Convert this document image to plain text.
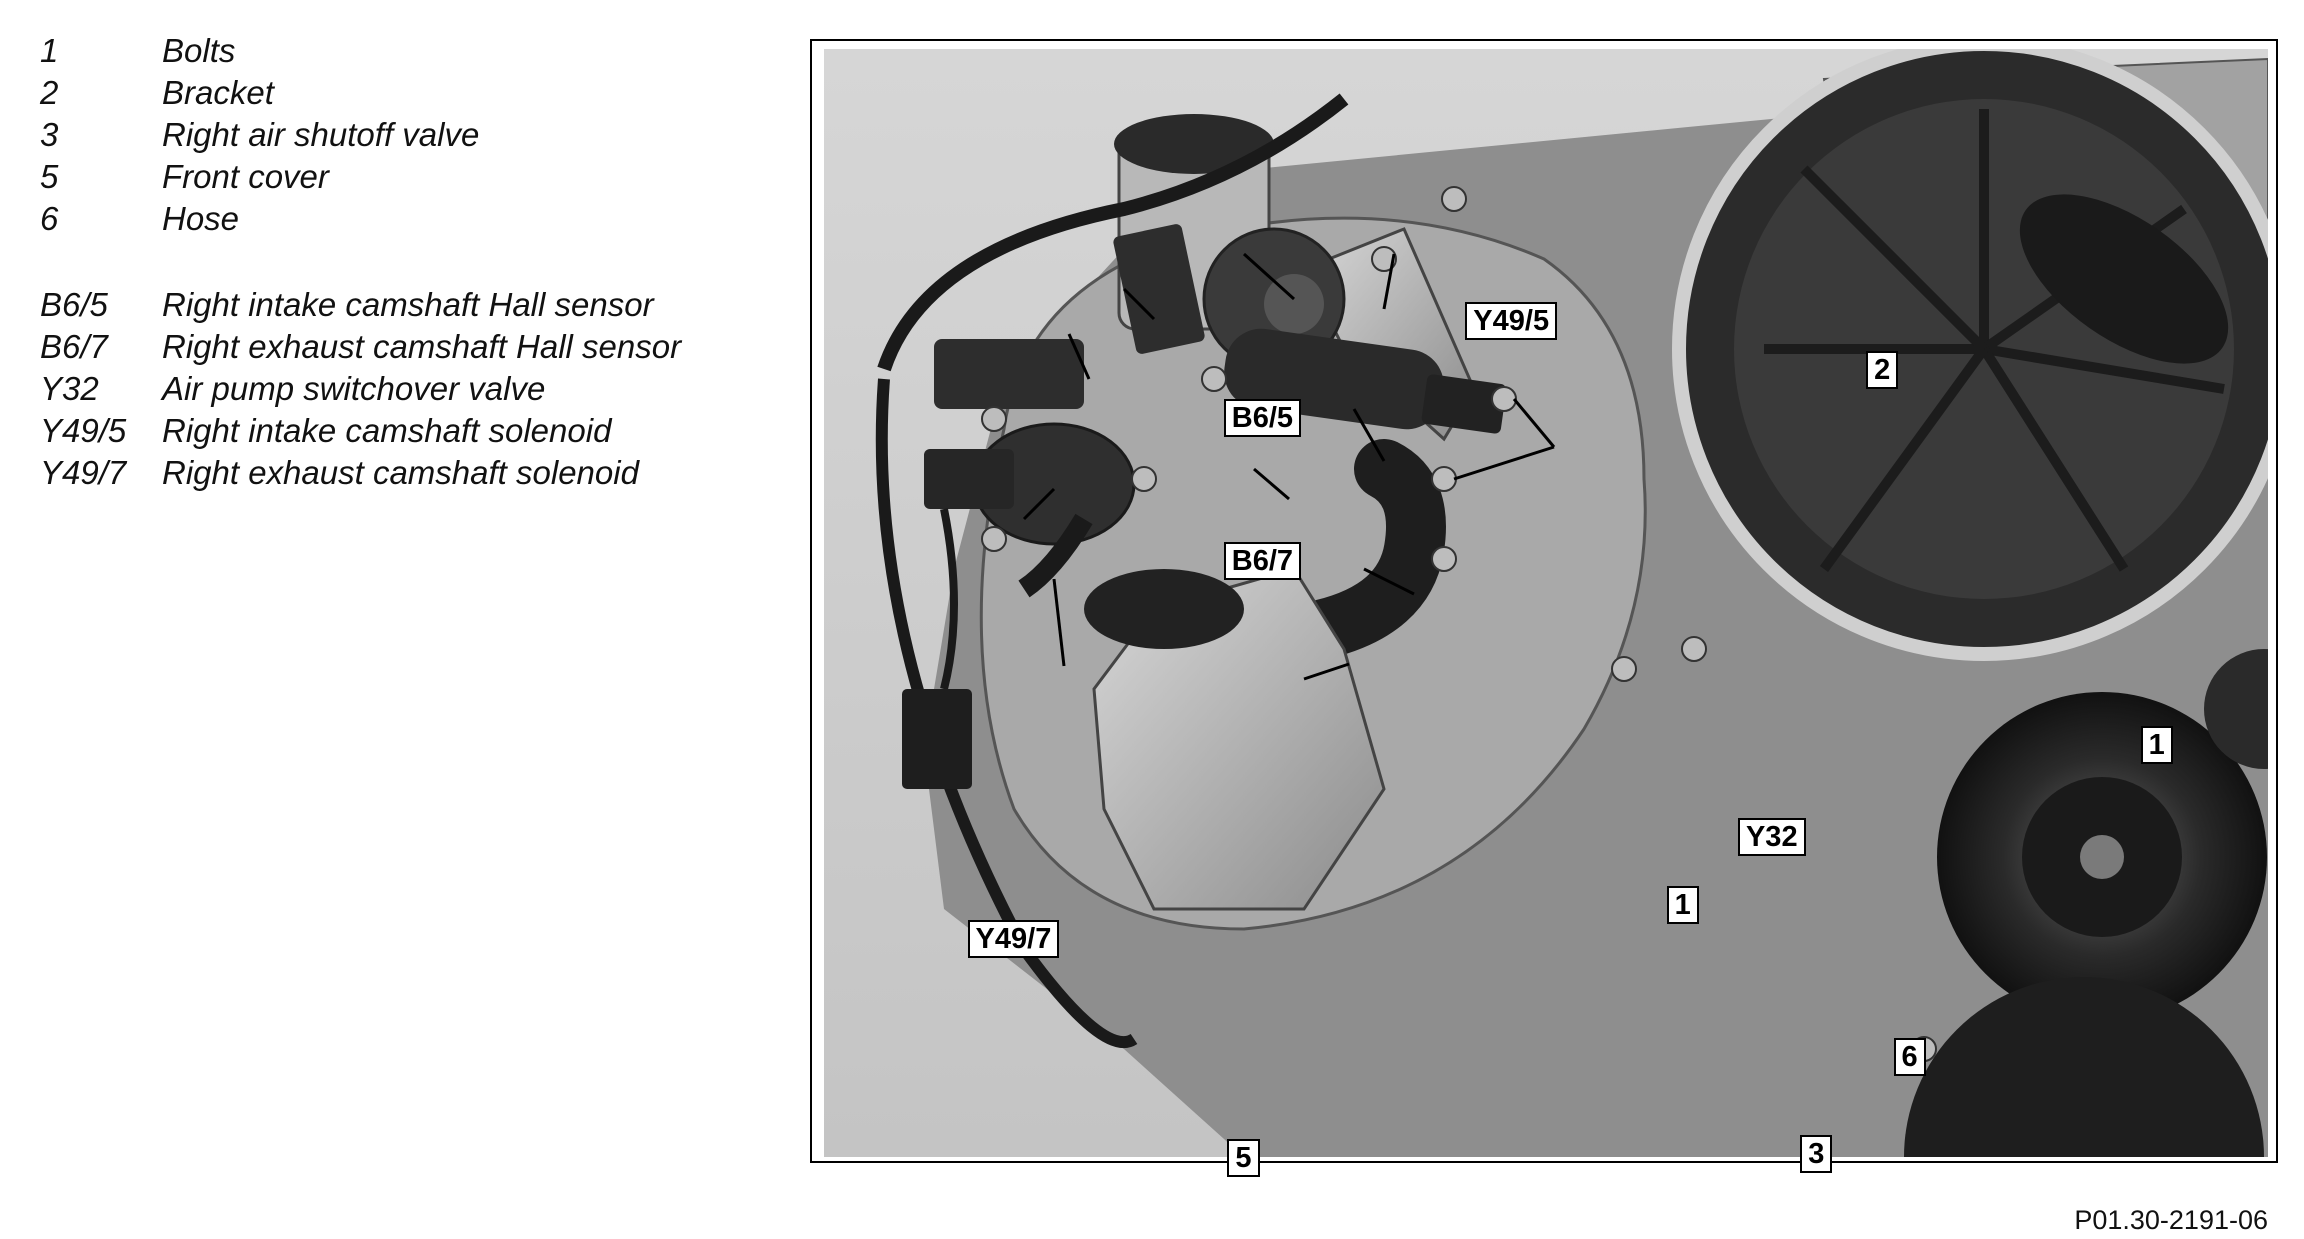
1	Bolts
2	Bracket
3	Right air shutoff valve
5	Front cover
6	Hose
B6/5	Right intake camshaft Hall sensor
B6/7	Right exhaust camshaft Hall sensor
Y32	Air pump switchover valve
Y49/5	Right intake camshaft solenoid
Y49/7	Right exhaust camshaft solenoid
Y49/5
B6/5
B6/7
Y32
Y49/7
1
1
2
3
5
6
P01.30-2191-06
